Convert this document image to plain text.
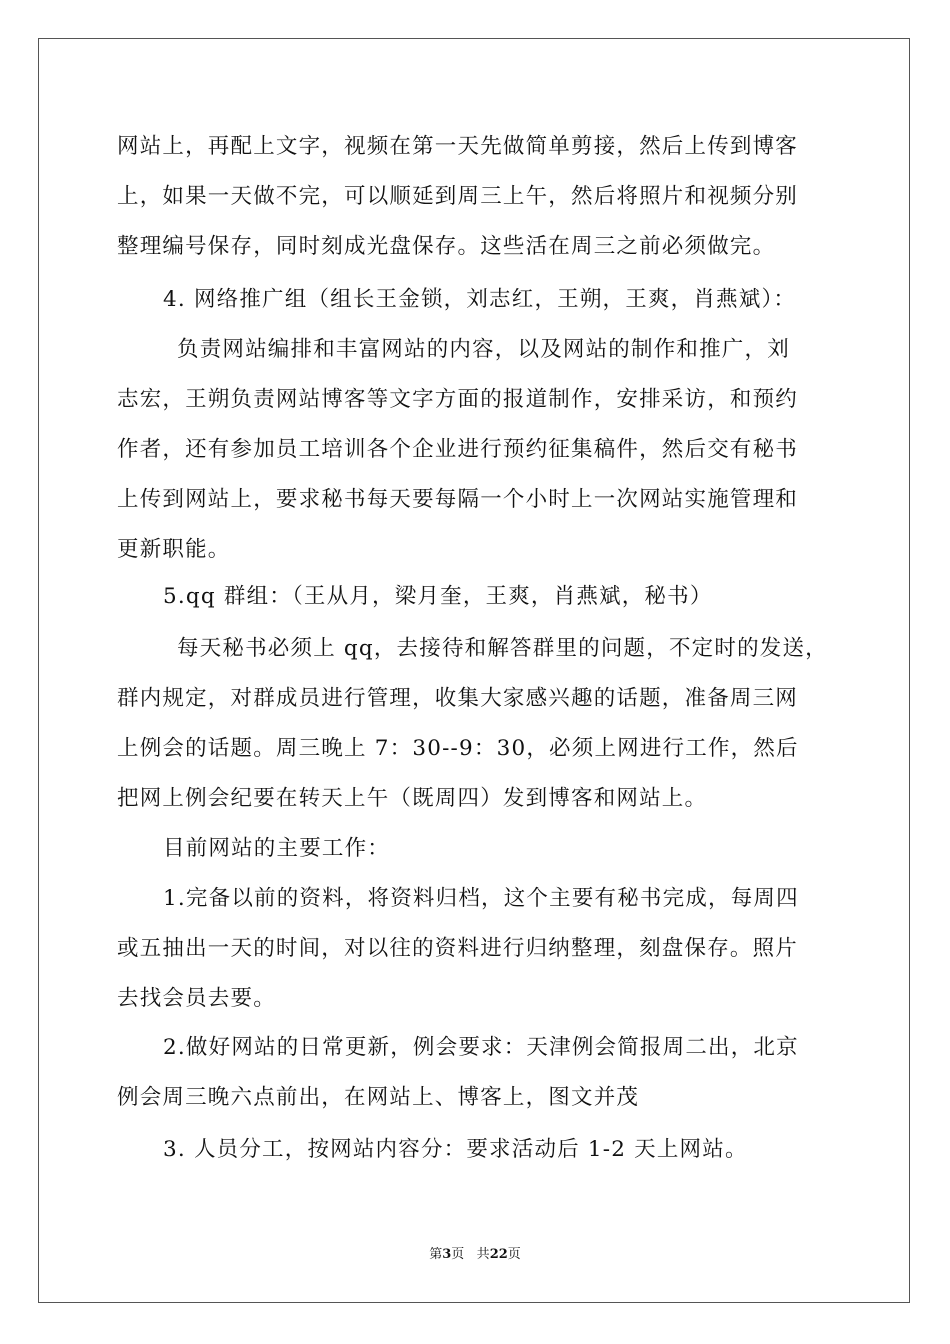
网站上，再配上文字，视频在第一天先做简单剪接，然后上传到博客
上，如果一天做不完，可以顺延到周三上午，然后将照片和视频分别
整理编号保存，同时刻成光盘保存。这些活在周三之前必须做完。
4. 网络推广组（组长王金锁，刘志红，王朔，王爽，肖燕斌）：
负责网站编排和丰富网站的内容，以及网站的制作和推广，刘
志宏，王朔负责网站博客等文字方面的报道制作，安排采访，和预约
作者，还有参加员工培训各个企业进行预约征集稿件，然后交有秘书
上传到网站上，要求秘书每天要每隔一个小时上一次网站实施管理和
更新职能。
5.qq 群组：（王从月，梁月奎，王爽，肖燕斌，秘书）
每天秘书必须上 qq，去接待和解答群里的问题，不定时的发送，
群内规定，对群成员进行管理，收集大家感兴趣的话题，准备周三网
上例会的话题。周三晚上 7：30--9：30，必须上网进行工作，然后
把网上例会纪要在转天上午（既周四）发到博客和网站上。
目前网站的主要工作：
1.完备以前的资料，将资料归档，这个主要有秘书完成，每周四
或五抽出一天的时间，对以往的资料进行归纳整理，刻盘保存。照片
去找会员去要。
2.做好网站的日常更新，例会要求：天津例会简报周二出，北京
例会周三晚六点前出，在网站上、博客上，图文并茂
3. 人员分工，按网站内容分：要求活动后 1-2 天上网站。
第3页 共22页
